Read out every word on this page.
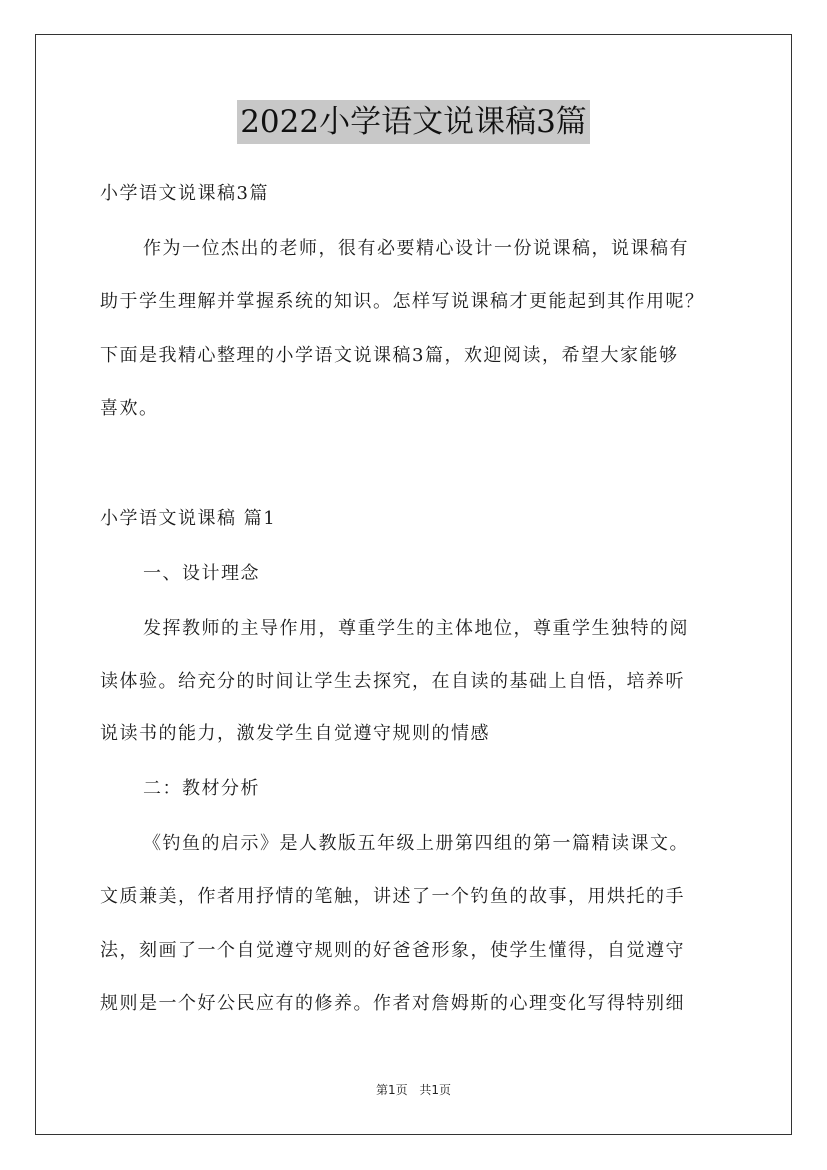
2022小学语文说课稿3篇
小学语文说课稿3篇
作为一位杰出的老师，很有必要精心设计一份说课稿，说课稿有
助于学生理解并掌握系统的知识。怎样写说课稿才更能起到其作用呢？
下面是我精心整理的小学语文说课稿3篇，欢迎阅读，希望大家能够
喜欢。
小学语文说课稿 篇1
一、设计理念
发挥教师的主导作用，尊重学生的主体地位，尊重学生独特的阅
读体验。给充分的时间让学生去探究，在自读的基础上自悟，培养听
说读书的能力，激发学生自觉遵守规则的情感
二：教材分析
《钓鱼的启示》是人教版五年级上册第四组的第一篇精读课文。
文质兼美，作者用抒情的笔触，讲述了一个钓鱼的故事，用烘托的手
法，刻画了一个自觉遵守规则的好爸爸形象，使学生懂得，自觉遵守
规则是一个好公民应有的修养。作者对詹姆斯的心理变化写得特别细
第1页 共1页
